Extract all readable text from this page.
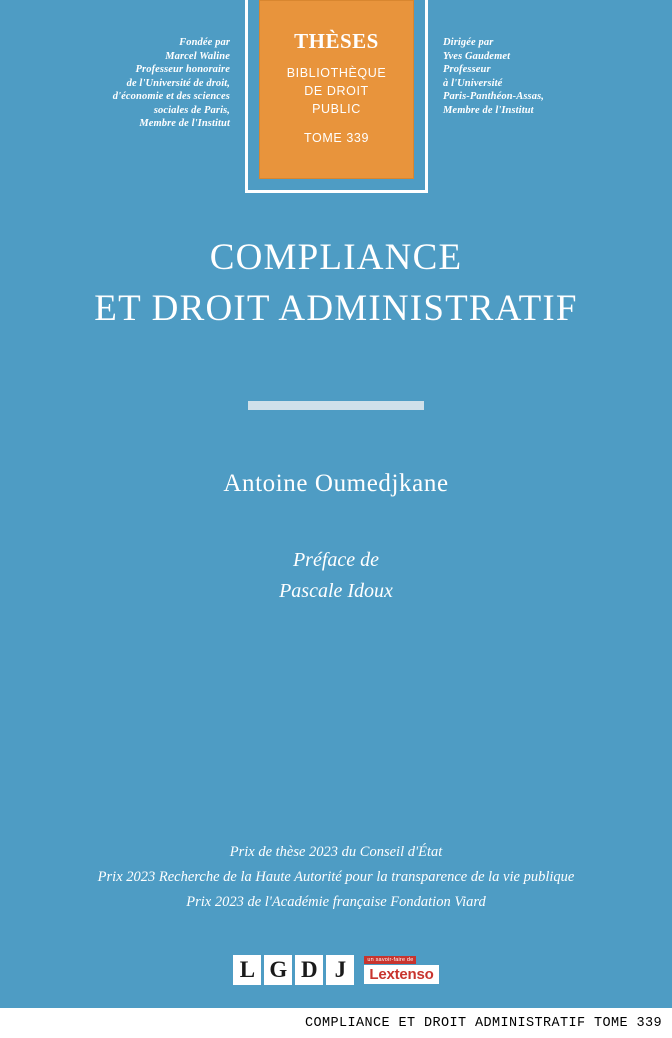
Fondée par
Marcel Waline
Professeur honoraire
de l'Université de droit,
d'économie et des sciences
sociales de Paris,
Membre de l'Institut
THÈSES
BIBLIOTHÈQUE
DE DROIT
PUBLIC
TOME 339
Dirigée par
Yves Gaudemet
Professeur
à l'Université
Paris-Panthéon-Assas,
Membre de l'Institut
COMPLIANCE
ET DROIT ADMINISTRATIF
Antoine Oumedjkane
Préface de
Pascale Idoux
Prix de thèse 2023 du Conseil d'État
Prix 2023 Recherche de la Haute Autorité pour la transparence de la vie publique
Prix 2023 de l'Académie française Fondation Viard
L G D J	un savoir-faire de
Lextenso
COMPLIANCE ET DROIT ADMINISTRATIF TOME 339
